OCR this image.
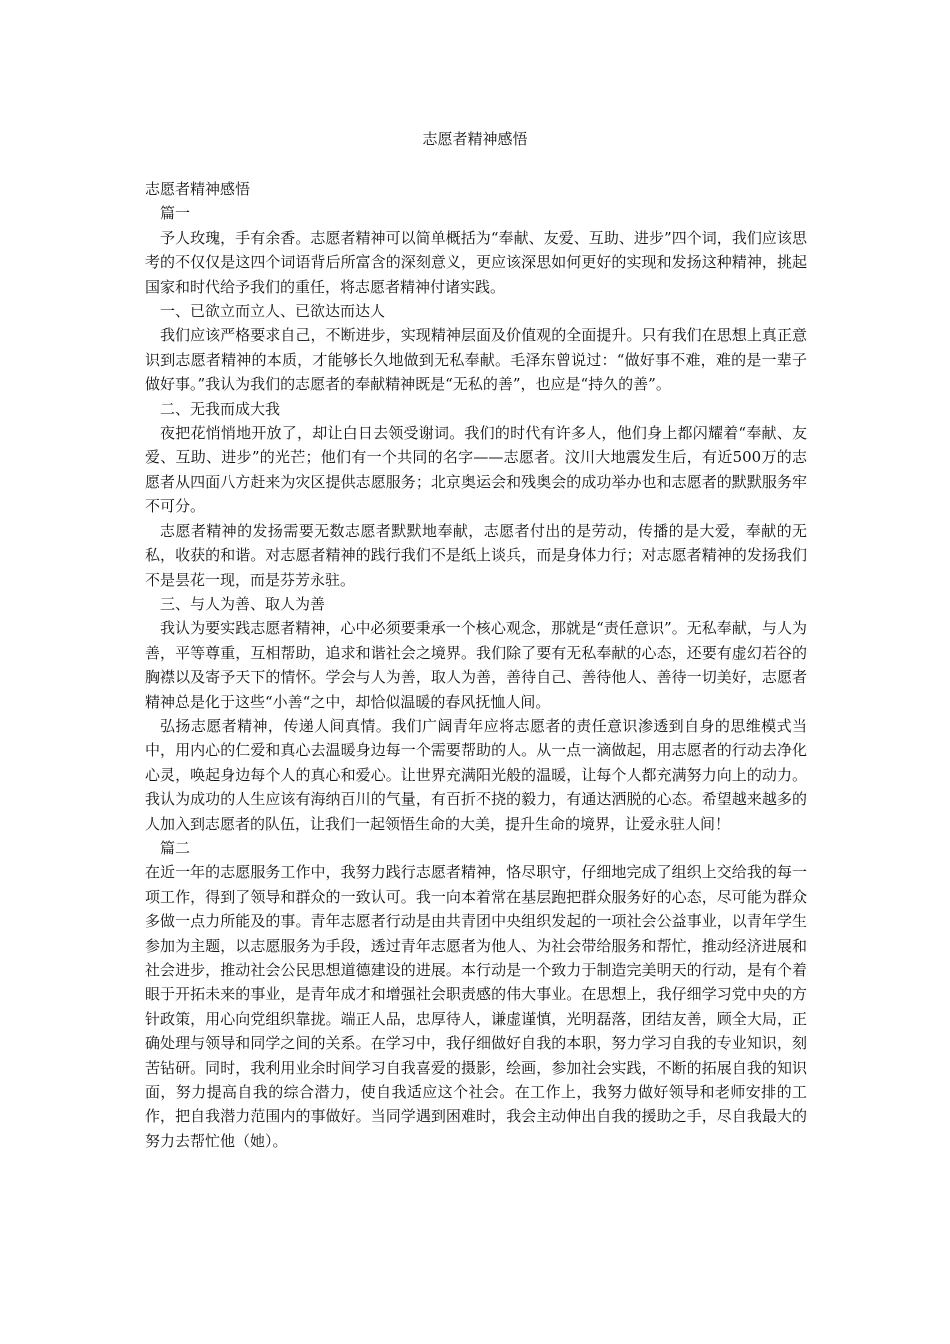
志愿者精神感悟

志愿者精神感悟

篇一

予人玫瑰，手有余香。志愿者精神可以简单概括为“奉献、友爱、互助、进步”四个词，我们应该思考的不仅仅是这四个词语背后所富含的深刻意义，更应该深思如何更好的实现和发扬这种精神，挑起国家和时代给予我们的重任，将志愿者精神付诸实践。

一、已欲立而立人、已欲达而达人

我们应该严格要求自己，不断进步，实现精神层面及价值观的全面提升。只有我们在思想上真正意识到志愿者精神的本质，才能够长久地做到无私奉献。毛泽东曾说过：“做好事不难，难的是一辈子做好事。”我认为我们的志愿者的奉献精神既是“无私的善”，也应是“持久的善”。

二、无我而成大我

夜把花悄悄地开放了，却让白日去领受谢词。我们的时代有许多人，他们身上都闪耀着“奉献、友爱、互助、进步”的光芒；他们有一个共同的名字——志愿者。汶川大地震发生后，有近500万的志愿者从四面八方赶来为灾区提供志愿服务；北京奥运会和残奥会的成功举办也和志愿者的默默服务牢不可分。

志愿者精神的发扬需要无数志愿者默默地奉献，志愿者付出的是劳动，传播的是大爱，奉献的无私，收获的和谐。对志愿者精神的践行我们不是纸上谈兵，而是身体力行；对志愿者精神的发扬我们不是昙花一现，而是芬芳永驻。

三、与人为善、取人为善

我认为要实践志愿者精神，心中必须要秉承一个核心观念，那就是“责任意识”。无私奉献，与人为善，平等尊重，互相帮助，追求和谐社会之境界。我们除了要有无私奉献的心态，还要有虚幻若谷的胸襟以及寄予天下的情怀。学会与人为善，取人为善，善待自己、善待他人、善待一切美好，志愿者精神总是化于这些“小善“之中，却恰似温暖的春风抚恤人间。

弘扬志愿者精神，传递人间真情。我们广阔青年应将志愿者的责任意识渗透到自身的思维模式当中，用内心的仁爱和真心去温暖身边每一个需要帮助的人。从一点一滴做起，用志愿者的行动去净化心灵，唤起身边每个人的真心和爱心。让世界充满阳光般的温暖，让每个人都充满努力向上的动力。我认为成功的人生应该有海纳百川的气量，有百折不挠的毅力，有通达洒脱的心态。希望越来越多的人加入到志愿者的队伍，让我们一起领悟生命的大美，提升生命的境界，让爱永驻人间！

篇二

在近一年的志愿服务工作中，我努力践行志愿者精神，恪尽职守，仔细地完成了组织上交给我的每一项工作，得到了领导和群众的一致认可。我一向本着常在基层跑把群众服务好的心态，尽可能为群众多做一点力所能及的事。青年志愿者行动是由共青团中央组织发起的一项社会公益事业，以青年学生参加为主题，以志愿服务为手段，透过青年志愿者为他人、为社会带给服务和帮忙，推动经济进展和社会进步，推动社会公民思想道德建设的进展。本行动是一个致力于制造完美明天的行动，是有个着眼于开拓未来的事业，是青年成才和增强社会职责感的伟大事业。在思想上，我仔细学习党中央的方针政策，用心向党组织靠拢。端正人品，忠厚待人，谦虚谨慎，光明磊落，团结友善，顾全大局，正确处理与领导和同学之间的关系。在学习中，我仔细做好自我的本职，努力学习自我的专业知识，刻苦钻研。同时，我利用业余时间学习自我喜爱的摄影，绘画，参加社会实践，不断的拓展自我的知识面，努力提高自我的综合潜力，使自我适应这个社会。在工作上，我努力做好领导和老师安排的工作，把自我潜力范围内的事做好。当同学遇到困难时，我会主动伸出自我的援助之手，尽自我最大的努力去帮忙他（她）。
